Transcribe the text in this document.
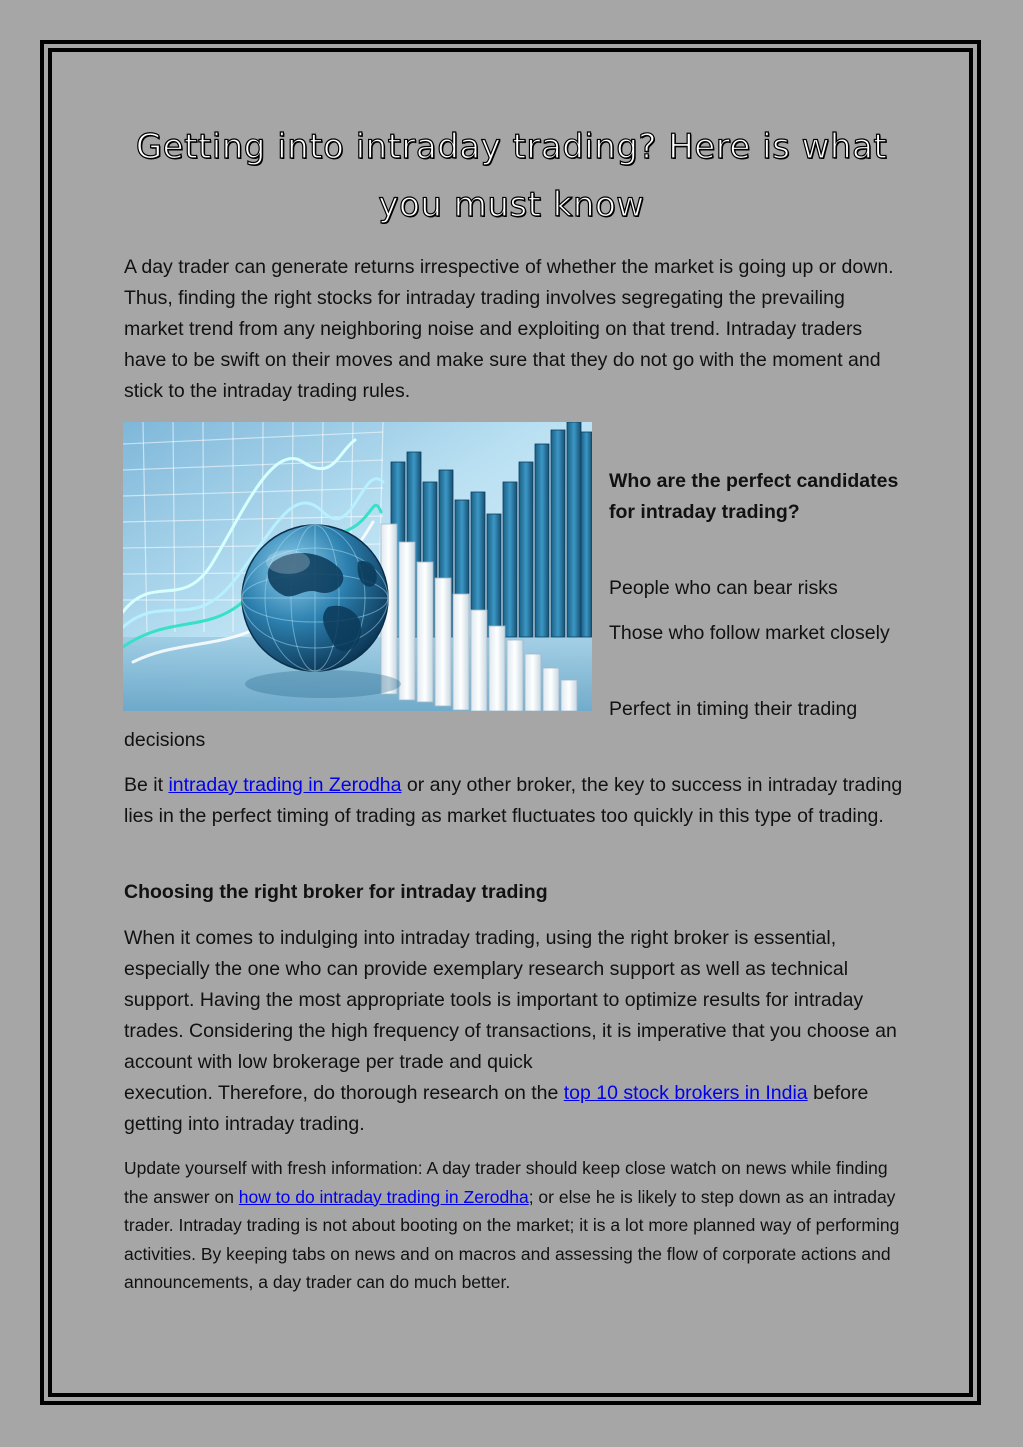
Getting into intraday trading? Here is what
you must know

A day trader can generate returns irrespective of whether the market is going up or down. Thus, finding the right stocks for intraday trading involves segregating the prevailing market trend from any neighboring noise and exploiting on that trend. Intraday traders have to be swift on their moves and make sure that they do not go with the moment and stick to the intraday trading rules.

Who are the perfect candidates for intraday trading?

People who can bear risks

Those who follow market closely

Perfect in timing their trading

decisions

Be it intraday trading in Zerodha or any other broker, the key to success in intraday trading lies in the perfect timing of trading as market fluctuates too quickly in this type of trading.

Choosing the right broker for intraday trading

When it comes to indulging into intraday trading, using the right broker is essential, especially the one who can provide exemplary research support as well as technical support. Having the most appropriate tools is important to optimize results for intraday trades. Considering the high frequency of transactions, it is imperative that you choose an account with low brokerage per trade and quick
execution. Therefore, do thorough research on the top 10 stock brokers in India before getting into intraday trading.

Update yourself with fresh information: A day trader should keep close watch on news while finding the answer on how to do intraday trading in Zerodha; or else he is likely to step down as an intraday trader. Intraday trading is not about booting on the market; it is a lot more planned way of performing activities. By keeping tabs on news and on macros and assessing the flow of corporate actions and announcements, a day trader can do much better.
